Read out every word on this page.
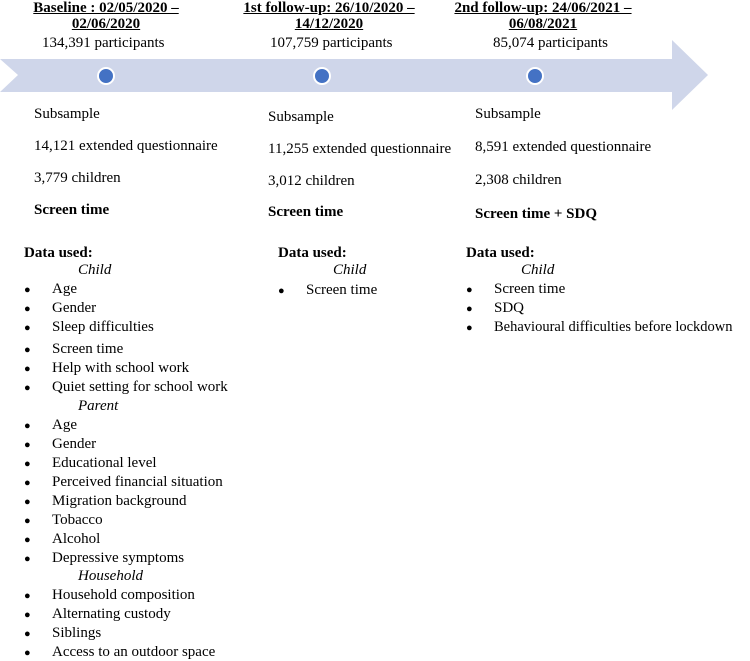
Baseline : 02/05/2020 –
02/06/2020
134,391 participants
Subsample
14,121 extended questionnaire
3,779 children
Screen time
Data used:
Child
● Age
● Gender
● Sleep difficulties
● Screen time
● Help with school work
● Quiet setting for school work
Parent
● Age
● Gender
● Educational level
● Perceived financial situation
● Migration background
● Tobacco
● Alcohol
● Depressive symptoms
Household
● Household composition
● Alternating custody
● Siblings
● Access to an outdoor space
1st follow-up: 26/10/2020 –
14/12/2020
107,759 participants
Subsample
11,255 extended questionnaire
3,012 children
Screen time
Data used:
Child
● Screen time
2nd follow-up: 24/06/2021 –
06/08/2021
85,074 participants
Subsample
8,591 extended questionnaire
2,308 children
Screen time + SDQ
Data used:
Child
● Screen time
● SDQ
● Behavioural difficulties before lockdown
